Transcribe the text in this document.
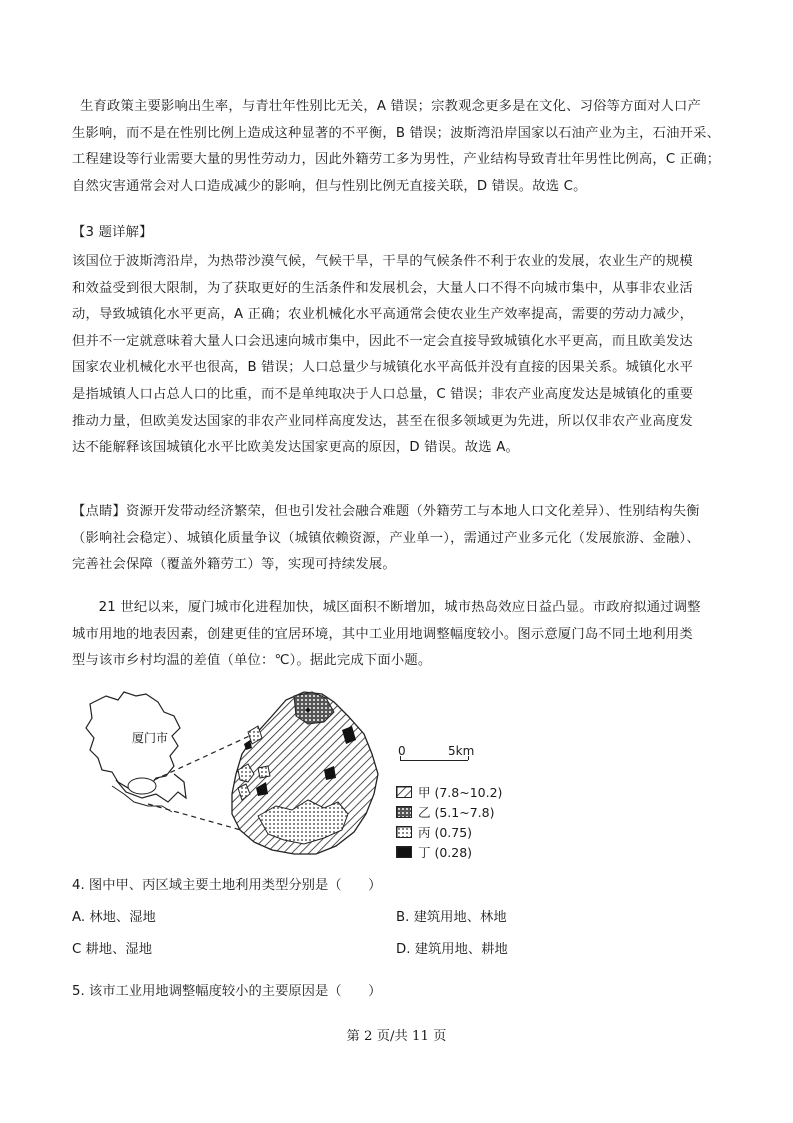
生育政策主要影响出生率，与青壮年性别比无关，A 错误；宗教观念更多是在文化、习俗等方面对人口产

生影响，而不是在性别比例上造成这种显著的不平衡，B 错误；波斯湾沿岸国家以石油产业为主，石油开采、

工程建设等行业需要大量的男性劳动力，因此外籍劳工多为男性，产业结构导致青壮年男性比例高，C 正确；

自然灾害通常会对人口造成减少的影响，但与性别比例无直接关联，D 错误。故选 C。

【3 题详解】

该国位于波斯湾沿岸，为热带沙漠气候，气候干旱，干旱的气候条件不利于农业的发展，农业生产的规模

和效益受到很大限制，为了获取更好的生活条件和发展机会，大量人口不得不向城市集中，从事非农业活

动，导致城镇化水平更高，A 正确；农业机械化水平高通常会使农业生产效率提高，需要的劳动力减少，

但并不一定就意味着大量人口会迅速向城市集中，因此不一定会直接导致城镇化水平更高，而且欧美发达

国家农业机械化水平也很高，B 错误；人口总量少与城镇化水平高低并没有直接的因果关系。城镇化水平

是指城镇人口占总人口的比重，而不是单纯取决于人口总量，C 错误；非农产业高度发达是城镇化的重要

推动力量，但欧美发达国家的非农产业同样高度发达，甚至在很多领域更为先进，所以仅非农产业高度发

达不能解释该国城镇化水平比欧美发达国家更高的原因，D 错误。故选 A。

【点睛】资源开发带动经济繁荣，但也引发社会融合难题（外籍劳工与本地人口文化差异）、性别结构失衡

（影响社会稳定）、城镇化质量争议（城镇依赖资源，产业单一），需通过产业多元化（发展旅游、金融）、

完善社会保障（覆盖外籍劳工）等，实现可持续发展。

21 世纪以来，厦门城市化进程加快，城区面积不断增加，城市热岛效应日益凸显。市政府拟通过调整

城市用地的地表因素，创建更佳的宜居环境，其中工业用地调整幅度较小。图示意厦门岛不同土地利用类

型与该市乡村均温的差值（单位：℃）。据此完成下面小题。

厦门市
0	5km
甲 (7.8~10.2)
乙 (5.1~7.8)
丙 (0.75)
丁 (0.28)
4. 图中甲、丙区域主要土地利用类型分别是（　　）
A. 林地、湿地	B. 建筑用地、林地
C 耕地、湿地	D. 建筑用地、耕地
5. 该市工业用地调整幅度较小的主要原因是（　　）
第 2 页/共 11 页
